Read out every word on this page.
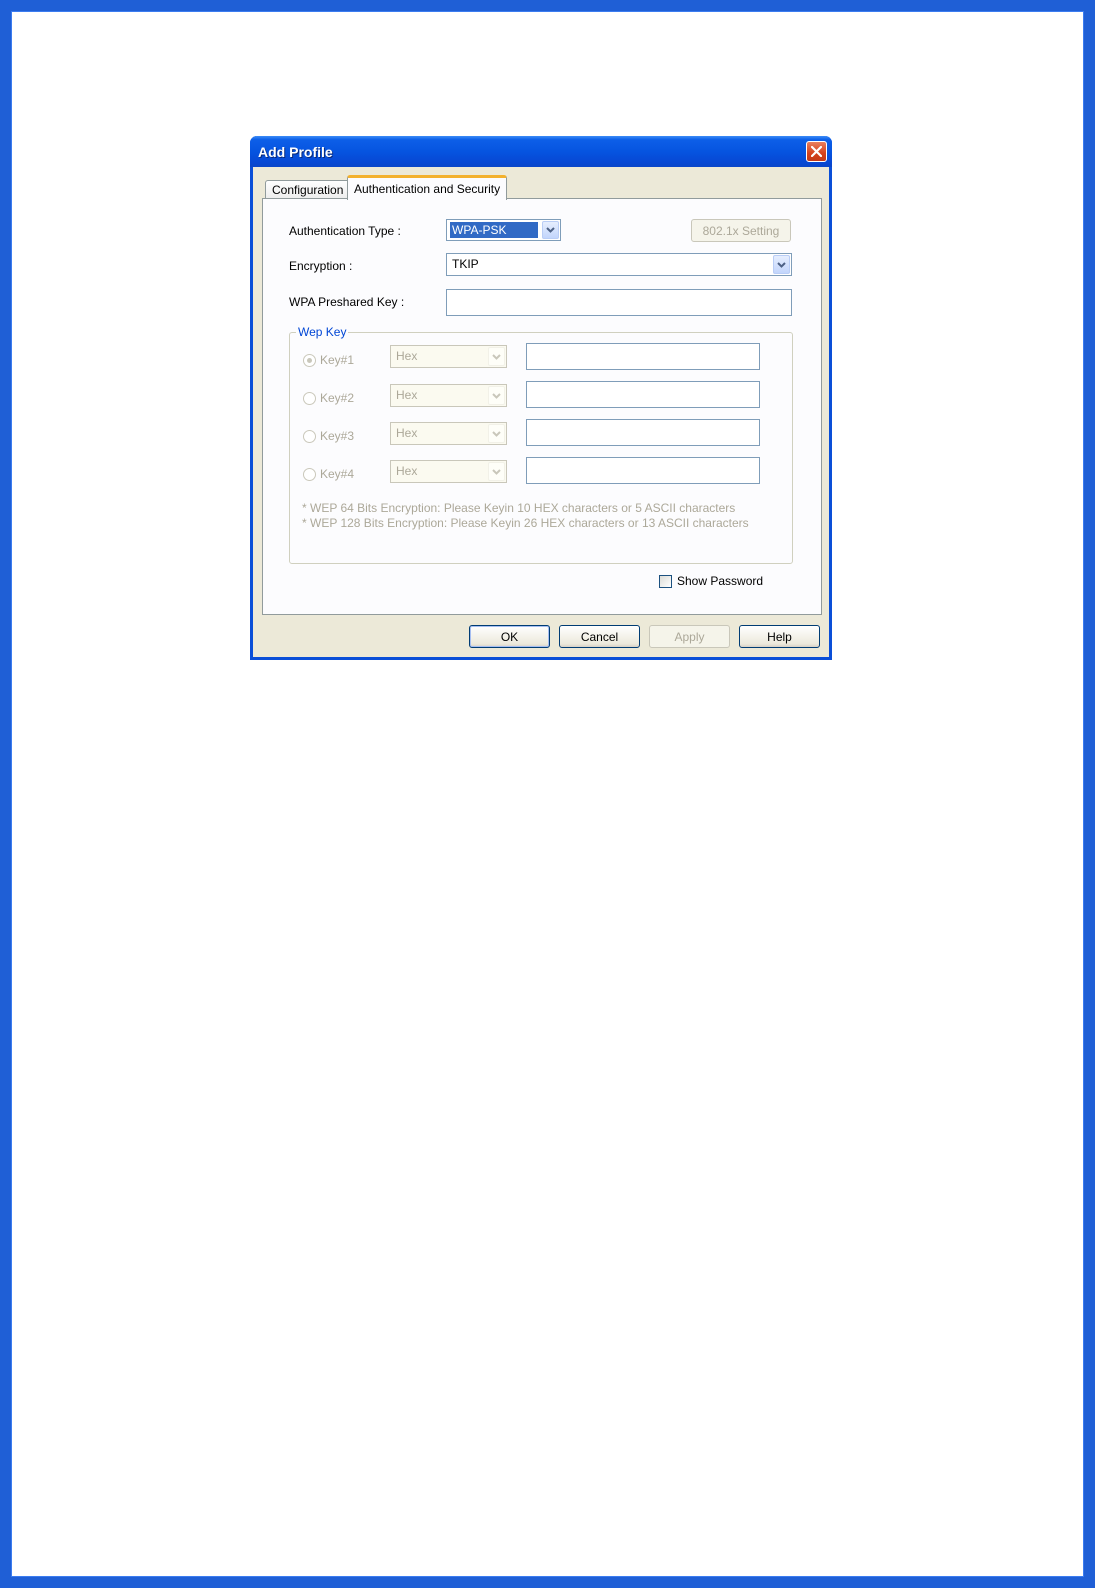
Add Profile
Configuration Authentication and Security
Authentication Type :	WPA-PSK	802.1x Setting
Encryption :	TKIP
WPA Preshared Key :
Wep Key
Key#1	Hex
Key#2	Hex
Key#3	Hex
Key#4	Hex
* WEP 64 Bits Encryption: Please Keyin 10 HEX characters or 5 ASCII characters
* WEP 128 Bits Encryption: Please Keyin 26 HEX characters or 13 ASCII characters
Show Password
OK	Cancel	Apply	Help
